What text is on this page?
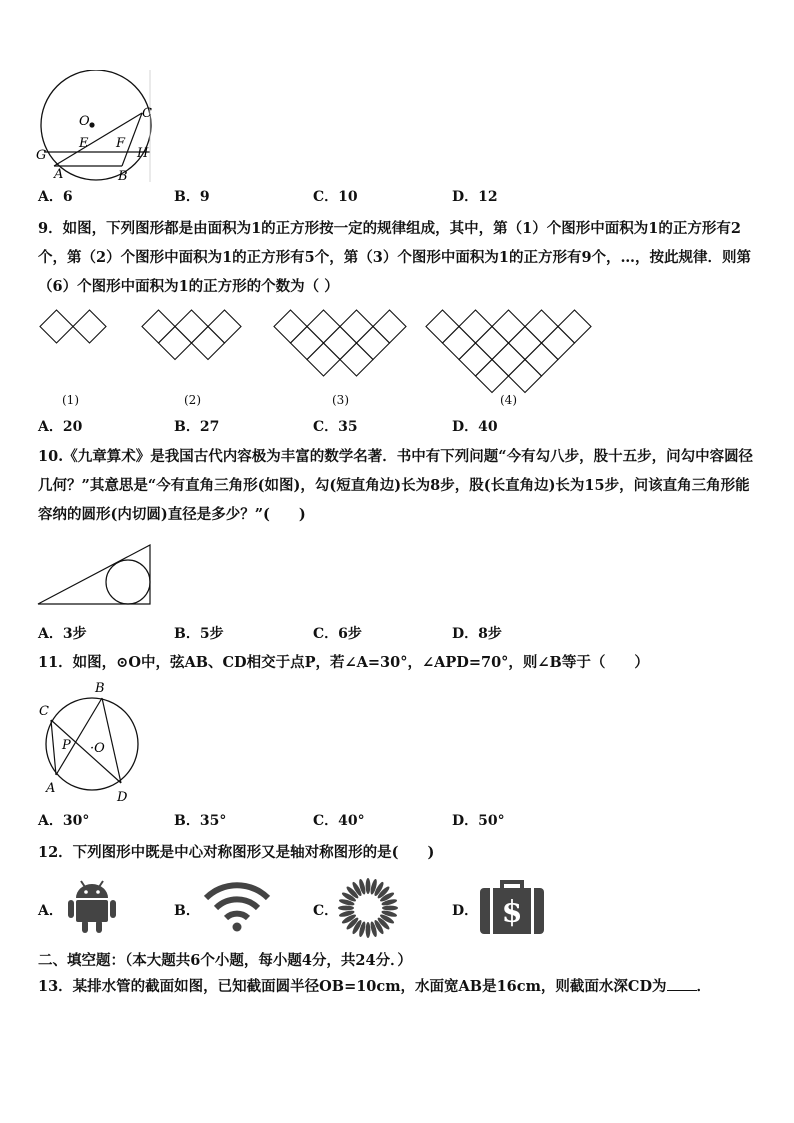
O
C
E F
G	H
A	B
A．6	B．9	C．10	D．12
9．如图，下列图形都是由面积为1的正方形按一定的规律组成，其中，第（1）个图形中面积为1的正方形有2个，第（2）个图形中面积为1的正方形有5个，第（3）个图形中面积为1的正方形有9个，…，按此规律．则第（6）个图形中面积为1的正方形的个数为（ ）
(1)	(2)	(3)	(4)
A．20	B．27	C．35	D．40
10.《九章算术》是我国古代内容极为丰富的数学名著．书中有下列问题“今有勾八步，股十五步，问勾中容圆径几何？”其意思是“今有直角三角形(如图)，勾(短直角边)长为8步，股(长直角边)长为15步，问该直角三角形能容纳的圆形(内切圆)直径是多少？”(　　)
A．3步	B．5步	C．6步	D．8步
11．如图，⊙O中，弦AB、CD相交于点P，若∠A=30°，∠APD=70°，则∠B等于（　　）
B
C
P ·O
A
D
A．30°	B．35°	C．40°	D．50°
12．下列图形中既是中心对称图形又是轴对称图形的是(　　)
A．	B．	C．	D． $
二、填空题：（本大题共6个小题，每小题4分，共24分．）
13．某排水管的截面如图，已知截面圆半径OB=10cm，水面宽AB是16cm，则截面水深CD为 ．
